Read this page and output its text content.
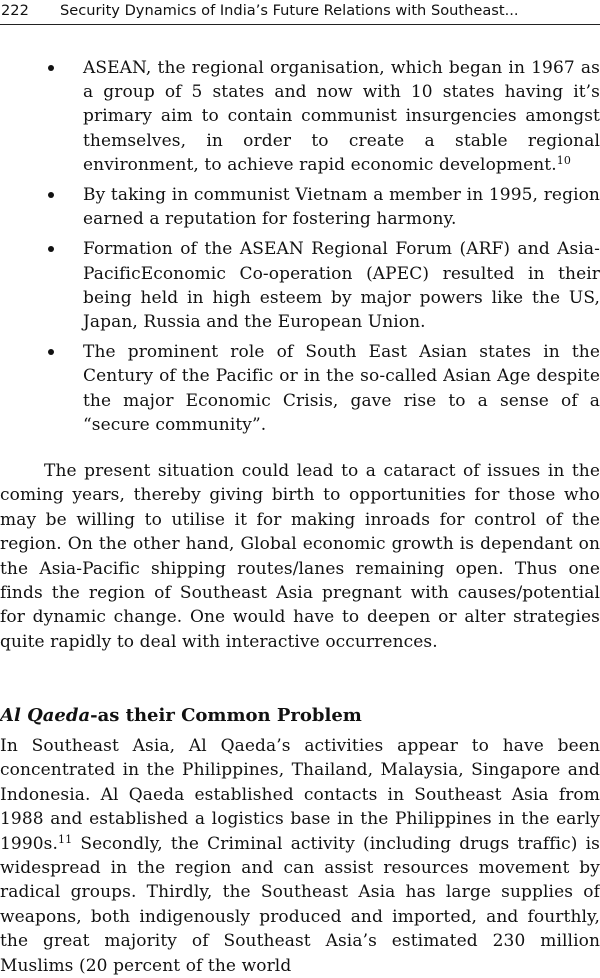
222 Security Dynamics of India’s Future Relations with Southeast...
ASEAN, the regional organisation, which began in 1967 as a group of 5 states and now with 10 states having it’s primary aim to contain communist insurgencies amongst themselves, in order to create a stable regional environment, to achieve rapid economic development.$^{10}$
By taking in communist Vietnam a member in 1995, region earned a reputation for fostering harmony.
Formation of the ASEAN Regional Forum (ARF) and Asia-PacificEconomic Co-operation (APEC) resulted in their being held in high esteem by major powers like the US, Japan, Russia and the European Union.
The prominent role of South East Asian states in the Century of the Pacific or in the so-called Asian Age despite the major Economic Crisis, gave rise to a sense of a “secure community”.
The present situation could lead to a cataract of issues in the coming years, thereby giving birth to opportunities for those who may be willing to utilise it for making inroads for control of the region. On the other hand, Global economic growth is dependant on the Asia-Pacific shipping routes/lanes remaining open. Thus one finds the region of Southeast Asia pregnant with causes/potential for dynamic change. One would have to deepen or alter strategies quite rapidly to deal with interactive occurrences.
Al Qaeda-as their Common Problem
In Southeast Asia, Al Qaeda’s activities appear to have been concentrated in the Philippines, Thailand, Malaysia, Singapore and Indonesia. Al Qaeda established contacts in Southeast Asia from 1988 and established a logistics base in the Philippines in the early 1990s.$^{11}$ Secondly, the Criminal activity (including drugs traffic) is widespread in the region and can assist resources movement by radical groups. Thirdly, the Southeast Asia has large supplies of weapons, both indigenously produced and imported, and fourthly, the great majority of Southeast Asia’s estimated 230 million Muslims (20 percent of the world
